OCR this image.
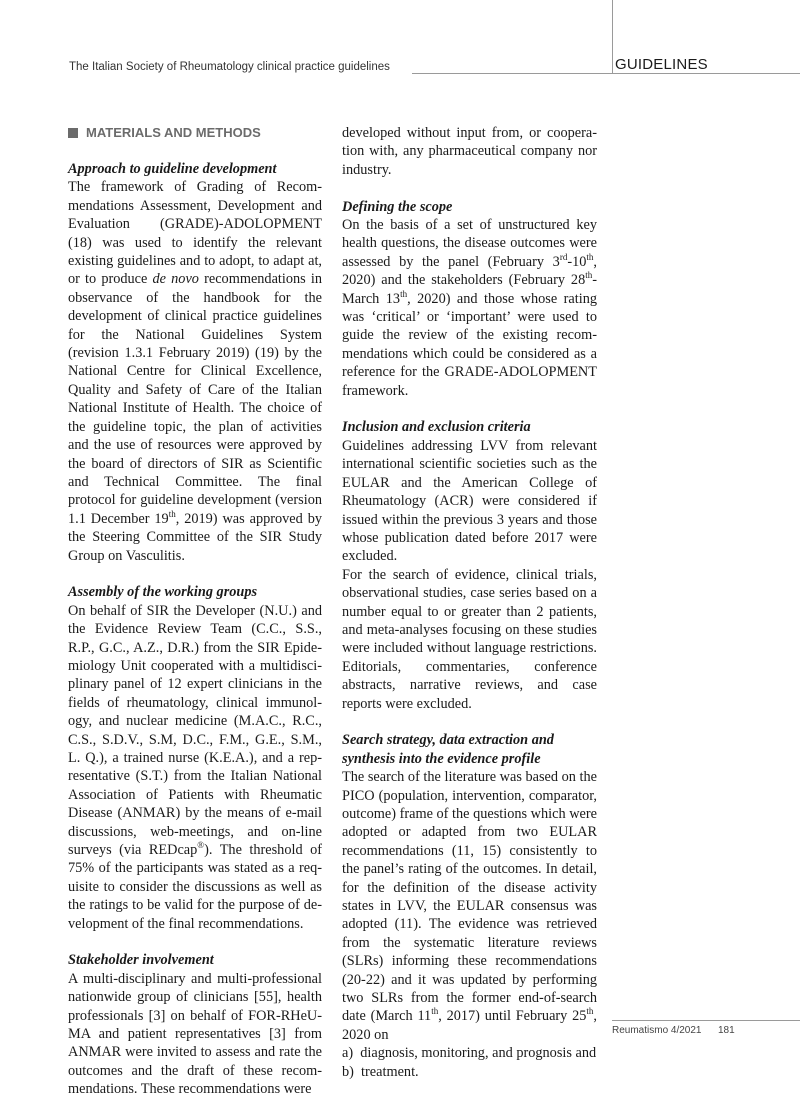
The Italian Society of Rheumatology clinical practice guidelines	GUIDELINES
MATERIALS AND METHODS
Approach to guideline development

The framework of Grading of Recommendations Assessment, Development and Evaluation (GRADE)-ADOLOPMENT (18) was used to identify the relevant existing guidelines and to adopt, to adapt at, or to produce de novo recommendations in observance of the handbook for the development of clinical practice guidelines for the National Guidelines System (revision 1.3.1 February 2019) (19) by the National Centre for Clinical Excellence, Quality and Safety of Care of the Italian National Institute of Health. The choice of the guideline topic, the plan of activities and the use of resources were approved by the board of directors of SIR as Scientific and Technical Committee. The final protocol for guideline development (version 1.1 December 19th, 2019) was approved by the Steering Committee of the SIR Study Group on Vasculitis.

Assembly of the working groups

On behalf of SIR the Developer (N.U.) and the Evidence Review Team (C.C., S.S., R.P., G.C., A.Z., D.R.) from the SIR Epidemiology Unit cooperated with a multidisciplinary panel of 12 expert clinicians in the fields of rheumatology, clinical immunology, and nuclear medicine (M.A.C., R.C., C.S., S.D.V., S.M, D.C., F.M., G.E., S.M., L. Q.), a trained nurse (K.E.A.), and a representative (S.T.) from the Italian National Association of Patients with Rheumatic Disease (ANMAR) by the means of e-mail discussions, web-meetings, and on-line surveys (via REDcap®). The threshold of 75% of the participants was stated as a requisite to consider the discussions as well as the ratings to be valid for the purpose of development of the final recommendations.

Stakeholder involvement

A multi-disciplinary and multi-professional nationwide group of clinicians [55], health professionals [3] on behalf of FOR-RHeUMA and patient representatives [3] from ANMAR were invited to assess and rate the outcomes and the draft of these recommendations. These recommendations were

developed without input from, or cooperation with, any pharmaceutical company nor industry.

Defining the scope

On the basis of a set of unstructured key health questions, the disease outcomes were assessed by the panel (February 3rd-10th, 2020) and the stakeholders (February 28th-March 13th, 2020) and those whose rating was ‘critical’ or ‘important’ were used to guide the review of the existing recommendations which could be considered as a reference for the GRADE-ADOLOPMENT framework.

Inclusion and exclusion criteria

Guidelines addressing LVV from relevant international scientific societies such as the EULAR and the American College of Rheumatology (ACR) were considered if issued within the previous 3 years and those whose publication dated before 2017 were excluded.

For the search of evidence, clinical trials, observational studies, case series based on a number equal to or greater than 2 patients, and meta-analyses focusing on these studies were included without language restrictions. Editorials, commentaries, conference abstracts, narrative reviews, and case reports were excluded.

Search strategy, data extraction and
synthesis into the evidence profile

The search of the literature was based on the PICO (population, intervention, comparator, outcome) frame of the questions which were adopted or adapted from two EULAR recommendations (11, 15) consistently to the panel’s rating of the outcomes. In detail, for the definition of the disease activity states in LVV, the EULAR consensus was adopted (11). The evidence was retrieved from the systematic literature reviews (SLRs) informing these recommendations (20-22) and it was updated by performing two SLRs from the former end-of-search date (March 11th, 2017) until February 25th, 2020 on

a) diagnosis, monitoring, and prognosis and
b) treatment.
Reumatismo 4/2021 181
